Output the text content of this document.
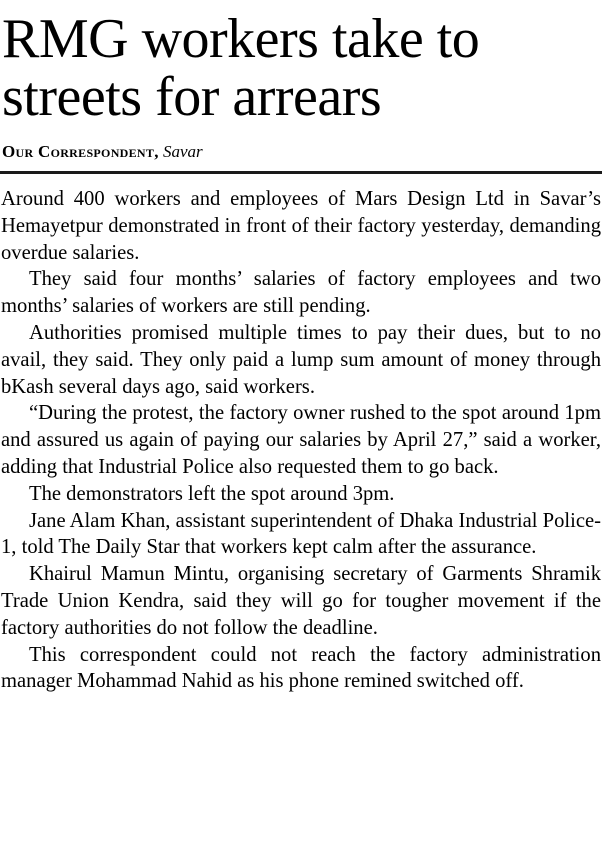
RMG workers take to streets for arrears
Our Correspondent, Savar

Around 400 workers and employees of Mars Design Ltd in Savar’s Hemayetpur demonstrated in front of their factory yesterday, demanding overdue salaries.

They said four months’ salaries of factory employees and two months’ salaries of workers are still pending.

Authorities promised multiple times to pay their dues, but to no avail, they said. They only paid a lump sum amount of money through bKash several days ago, said workers.

“During the protest, the factory owner rushed to the spot around 1pm and assured us again of paying our salaries by April 27,” said a worker, adding that Industrial Police also requested them to go back.

The demonstrators left the spot around 3pm.

Jane Alam Khan, assistant superintendent of Dhaka Industrial Police-1, told The Daily Star that workers kept calm after the assurance.

Khairul Mamun Mintu, organising secretary of Garments Shramik Trade Union Kendra, said they will go for tougher movement if the factory authorities do not follow the deadline.

This correspondent could not reach the factory administration manager Mohammad Nahid as his phone remined switched off.
